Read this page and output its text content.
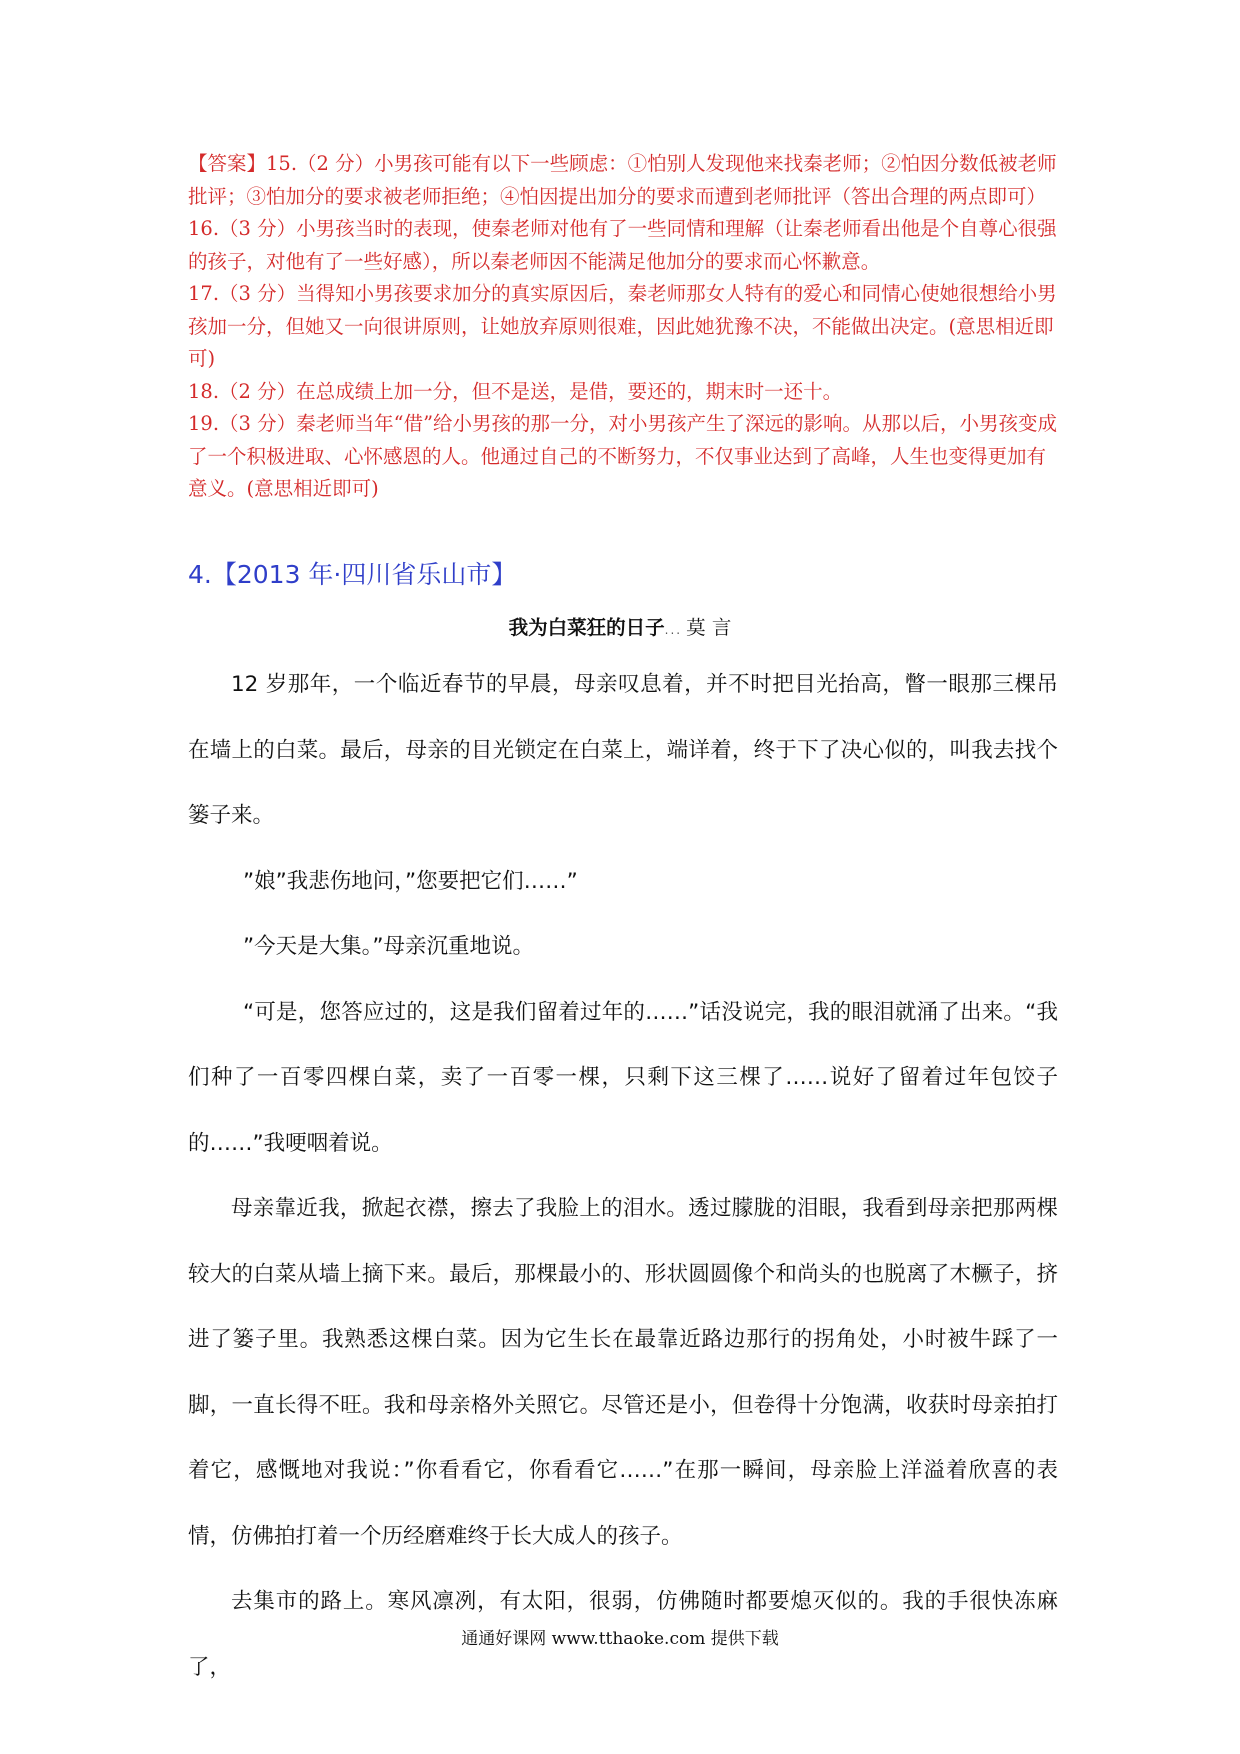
【答案】15.（2 分）小男孩可能有以下一些顾虑：①怕别人发现他来找秦老师；②怕因分数低被老师批评；③怕加分的要求被老师拒绝；④怕因提出加分的要求而遭到老师批评（答出合理的两点即可）

16.（3 分）小男孩当时的表现，使秦老师对他有了一些同情和理解（让秦老师看出他是个自尊心很强的孩子，对他有了一些好感），所以秦老师因不能满足他加分的要求而心怀歉意。

17.（3 分）当得知小男孩要求加分的真实原因后，秦老师那女人特有的爱心和同情心使她很想给小男孩加一分，但她又一向很讲原则，让她放弃原则很难，因此她犹豫不决，不能做出决定。(意思相近即可)

18.（2 分）在总成绩上加一分，但不是送，是借，要还的，期末时一还十。

19.（3 分）秦老师当年“借”给小男孩的那一分，对小男孩产生了深远的影响。从那以后，小男孩变成了一个积极进取、心怀感恩的人。他通过自己的不断努力，不仅事业达到了高峰，人生也变得更加有意义。(意思相近即可)

4.【2013 年·四川省乐山市】
我为白菜狂的日子... 莫 言

12 岁那年，一个临近春节的早晨，母亲叹息着，并不时把目光抬高，瞥一眼那三棵吊在墙上的白菜。最后，母亲的目光锁定在白菜上，端详着，终于下了决心似的，叫我去找个篓子来。

”娘”我悲伤地问，”您要把它们……”

”今天是大集。”母亲沉重地说。

“可是，您答应过的，这是我们留着过年的……”话没说完，我的眼泪就涌了出来。“我们种了一百零四棵白菜，卖了一百零一棵，只剩下这三棵了……说好了留着过年包饺子的……”我哽咽着说。

母亲靠近我，掀起衣襟，擦去了我脸上的泪水。透过朦胧的泪眼，我看到母亲把那两棵较大的白菜从墙上摘下来。最后，那棵最小的、形状圆圆像个和尚头的也脱离了木橛子，挤进了篓子里。我熟悉这棵白菜。因为它生长在最靠近路边那行的拐角处，小时被牛踩了一脚，一直长得不旺。我和母亲格外关照它。尽管还是小，但卷得十分饱满，收获时母亲拍打着它，感慨地对我说：”你看看它，你看看它……”在那一瞬间，母亲脸上洋溢着欣喜的表情，仿佛拍打着一个历经磨难终于长大成人的孩子。

去集市的路上。寒风凛冽，有太阳，很弱，仿佛随时都要熄灭似的。我的手很快冻麻了，

通通好课网 www.tthaoke.com 提供下载
